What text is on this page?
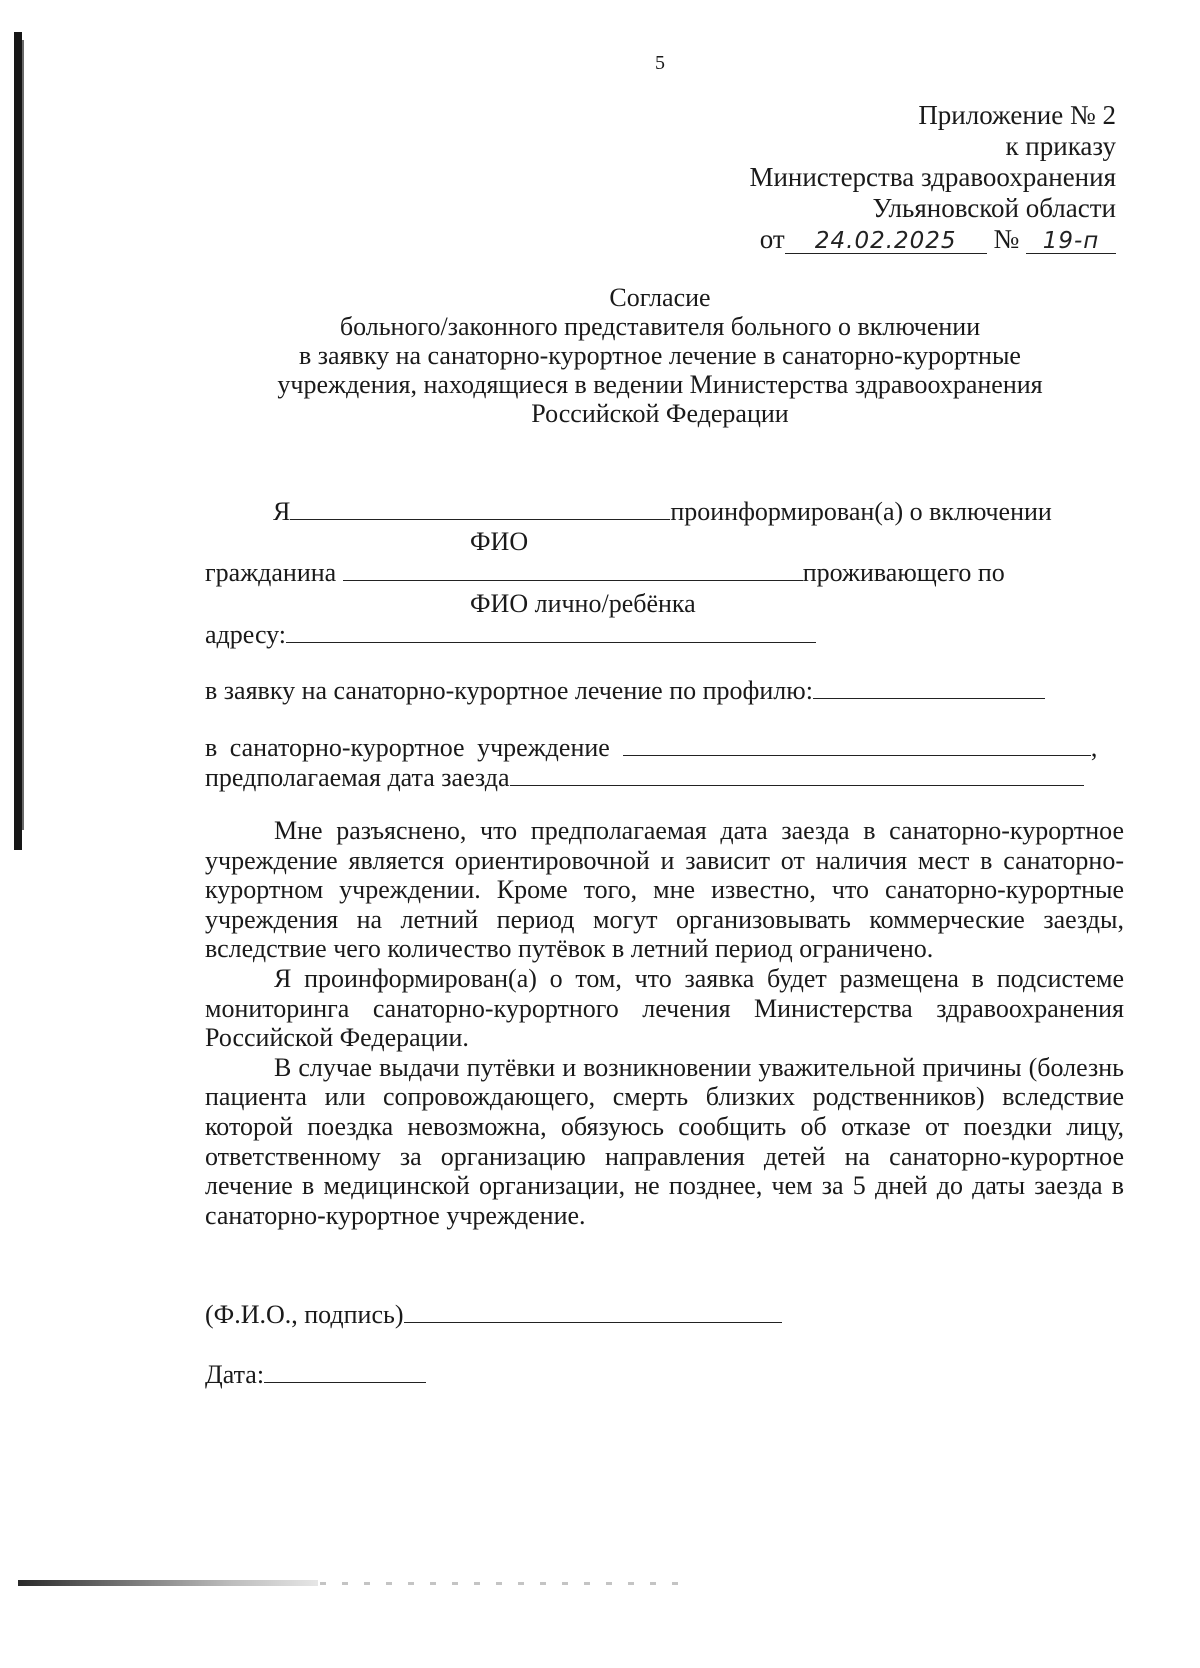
5
Приложение № 2
к приказу
Министерства здравоохранения
Ульяновской области
от 24.02.2025 № 19-п
Согласие
больного/законного представителя больного о включении
в заявку на санаторно-курортное лечение в санаторно-курортные
учреждения, находящиеся в ведении Министерства здравоохранения
Российской Федерации
Я	проинформирован(а) о включении
ФИО
гражданина	проживающего по
ФИО лично/ребёнка
адресу:
в заявку на санаторно-курортное лечение по профилю:
в санаторно-курортное учреждение	,
предполагаемая дата заезда

Мне разъяснено, что предполагаемая дата заезда в санаторно-курортное учреждение является ориентировочной и зависит от наличия мест в санаторно-курортном учреждении. Кроме того, мне известно, что санаторно-курортные учреждения на летний период могут организовывать коммерческие заезды, вследствие чего количество путёвок в летний период ограничено.

Я проинформирован(а) о том, что заявка будет размещена в подсистеме мониторинга санаторно-курортного лечения Министерства здравоохранения Российской Федерации.

В случае выдачи путёвки и возникновении уважительной причины (болезнь пациента или сопровождающего, смерть близких родственников) вследствие которой поездка невозможна, обязуюсь сообщить об отказе от поездки лицу, ответственному за организацию направления детей на санаторно-курортное лечение в медицинской организации, не позднее, чем за 5 дней до даты заезда в санаторно-курортное учреждение.

(Ф.И.О., подпись)
Дата:
